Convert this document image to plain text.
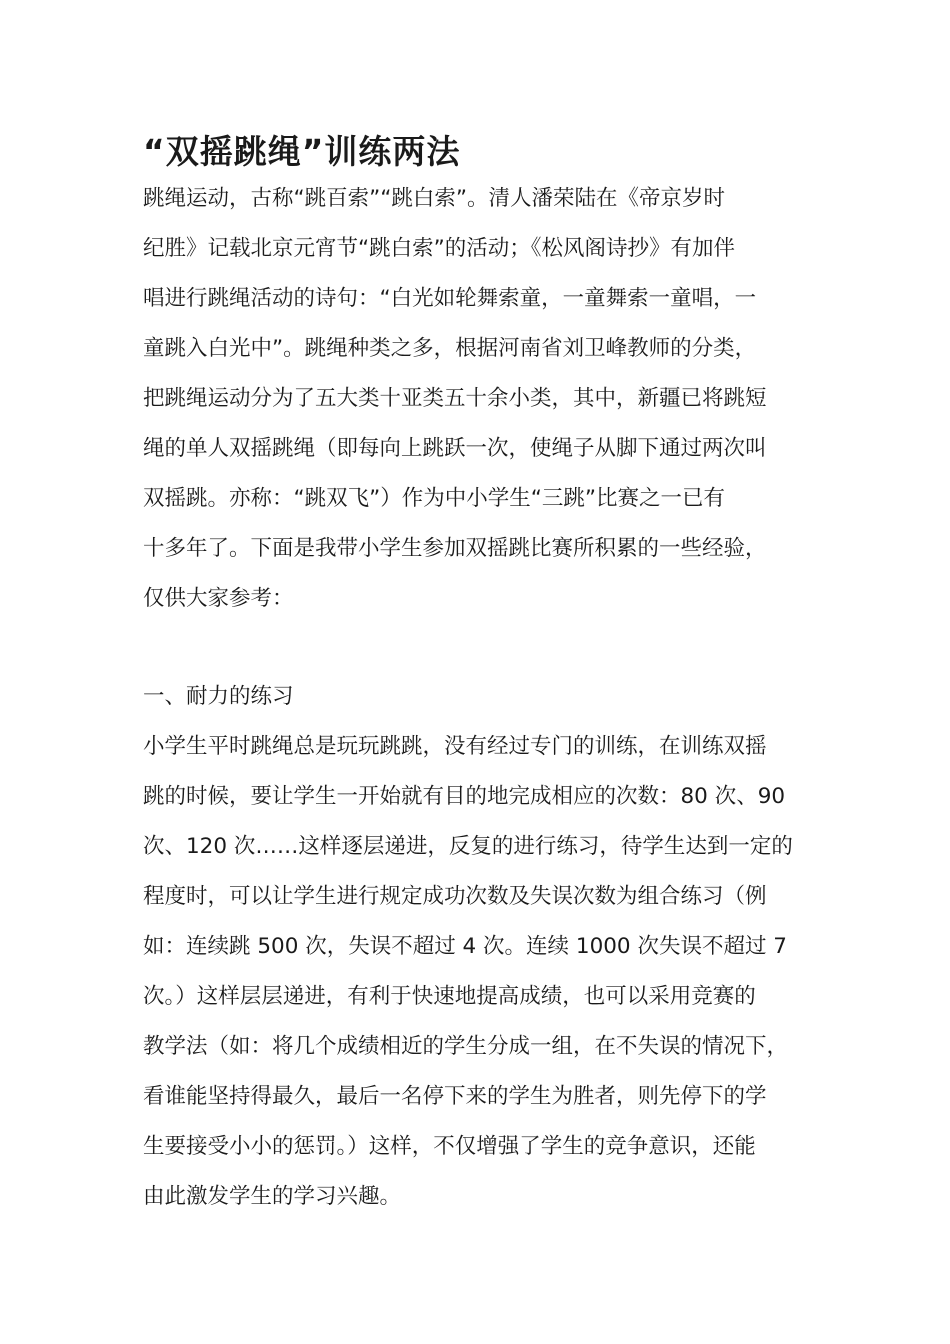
“双摇跳绳”训练两法
跳绳运动，古称“跳百索”“跳白索”。清人潘荣陆在《帝京岁时
纪胜》记载北京元宵节“跳白索”的活动；《松风阁诗抄》有加伴
唱进行跳绳活动的诗句：“白光如轮舞索童，一童舞索一童唱，一
童跳入白光中”。跳绳种类之多，根据河南省刘卫峰教师的分类，
把跳绳运动分为了五大类十亚类五十余小类，其中，新疆已将跳短
绳的单人双摇跳绳（即每向上跳跃一次，使绳子从脚下通过两次叫
双摇跳。亦称：“跳双飞”）作为中小学生“三跳”比赛之一已有
十多年了。下面是我带小学生参加双摇跳比赛所积累的一些经验，
仅供大家参考：
一、耐力的练习
小学生平时跳绳总是玩玩跳跳，没有经过专门的训练，在训练双摇
跳的时候，要让学生一开始就有目的地完成相应的次数：80 次、90
次、120 次……这样逐层递进，反复的进行练习，待学生达到一定的
程度时，可以让学生进行规定成功次数及失误次数为组合练习（例
如：连续跳 500 次，失误不超过 4 次。连续 1000 次失误不超过 7
次。）这样层层递进，有利于快速地提高成绩，也可以采用竞赛的
教学法（如：将几个成绩相近的学生分成一组，在不失误的情况下，
看谁能坚持得最久，最后一名停下来的学生为胜者，则先停下的学
生要接受小小的惩罚。）这样，不仅增强了学生的竞争意识，还能
由此激发学生的学习兴趣。
